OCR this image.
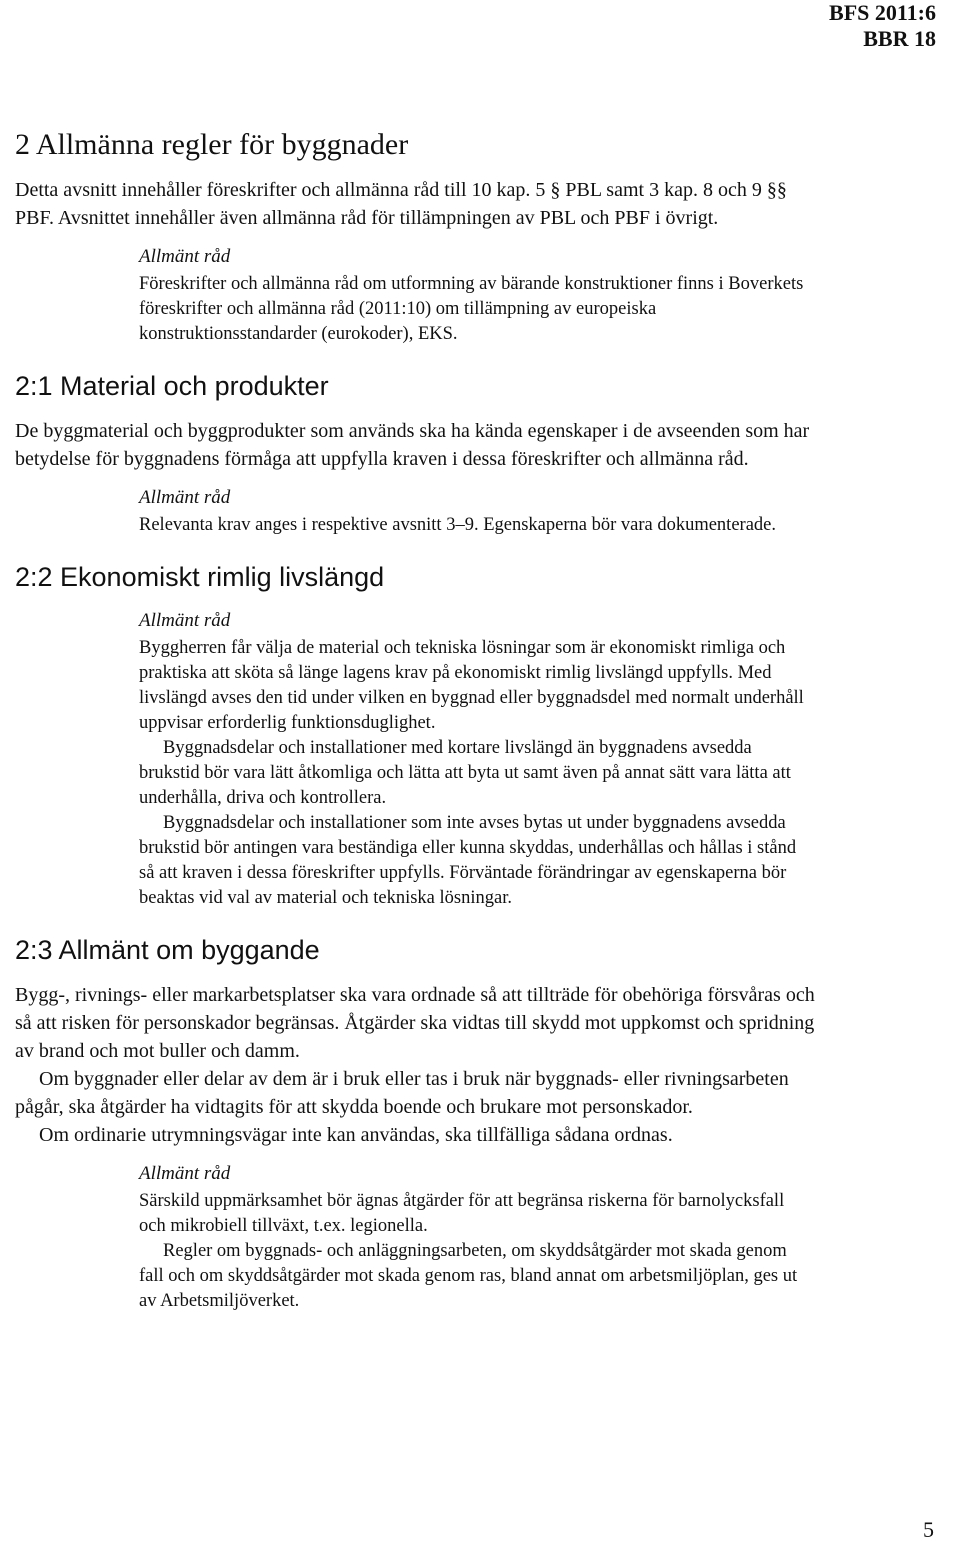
BFS 2011:6
BBR 18
2 Allmänna regler för byggnader

Detta avsnitt innehåller föreskrifter och allmänna råd till 10 kap. 5 § PBL samt 3 kap. 8 och 9 §§ PBF. Avsnittet innehåller även allmänna råd för tillämpningen av PBL och PBF i övrigt.

Allmänt råd

Föreskrifter och allmänna råd om utformning av bärande konstruktioner finns i Boverkets föreskrifter och allmänna råd (2011:10) om tillämpning av europeiska konstruktionsstandarder (eurokoder), EKS.

2:1 Material och produkter

De byggmaterial och byggprodukter som används ska ha kända egenskaper i de avseenden som har betydelse för byggnadens förmåga att uppfylla kraven i dessa föreskrifter och allmänna råd.

Allmänt råd

Relevanta krav anges i respektive avsnitt 3–9. Egenskaperna bör vara dokumenterade.

2:2 Ekonomiskt rimlig livslängd
Allmänt råd

Byggherren får välja de material och tekniska lösningar som är ekonomiskt rimliga och praktiska att sköta så länge lagens krav på ekonomiskt rimlig livslängd uppfylls. Med livslängd avses den tid under vilken en byggnad eller byggnadsdel med normalt underhåll uppvisar erforderlig funktionsduglighet.

Byggnadsdelar och installationer med kortare livslängd än byggnadens avsedda brukstid bör vara lätt åtkomliga och lätta att byta ut samt även på annat sätt vara lätta att underhålla, driva och kontrollera.

Byggnadsdelar och installationer som inte avses bytas ut under byggnadens avsedda brukstid bör antingen vara beständiga eller kunna skyddas, underhållas och hållas i stånd så att kraven i dessa föreskrifter uppfylls. Förväntade förändringar av egenskaperna bör beaktas vid val av material och tekniska lösningar.

2:3 Allmänt om byggande

Bygg-, rivnings- eller markarbetsplatser ska vara ordnade så att tillträde för obehöriga försvåras och så att risken för personskador begränsas. Åtgärder ska vidtas till skydd mot uppkomst och spridning av brand och mot buller och damm.

Om byggnader eller delar av dem är i bruk eller tas i bruk när byggnads- eller rivningsarbeten pågår, ska åtgärder ha vidtagits för att skydda boende och brukare mot personskador.

Om ordinarie utrymningsvägar inte kan användas, ska tillfälliga sådana ordnas.

Allmänt råd

Särskild uppmärksamhet bör ägnas åtgärder för att begränsa riskerna för barnolycksfall och mikrobiell tillväxt, t.ex. legionella.

Regler om byggnads- och anläggningsarbeten, om skyddsåtgärder mot skada genom fall och om skyddsåtgärder mot skada genom ras, bland annat om arbetsmiljöplan, ges ut av Arbetsmiljöverket.

5
